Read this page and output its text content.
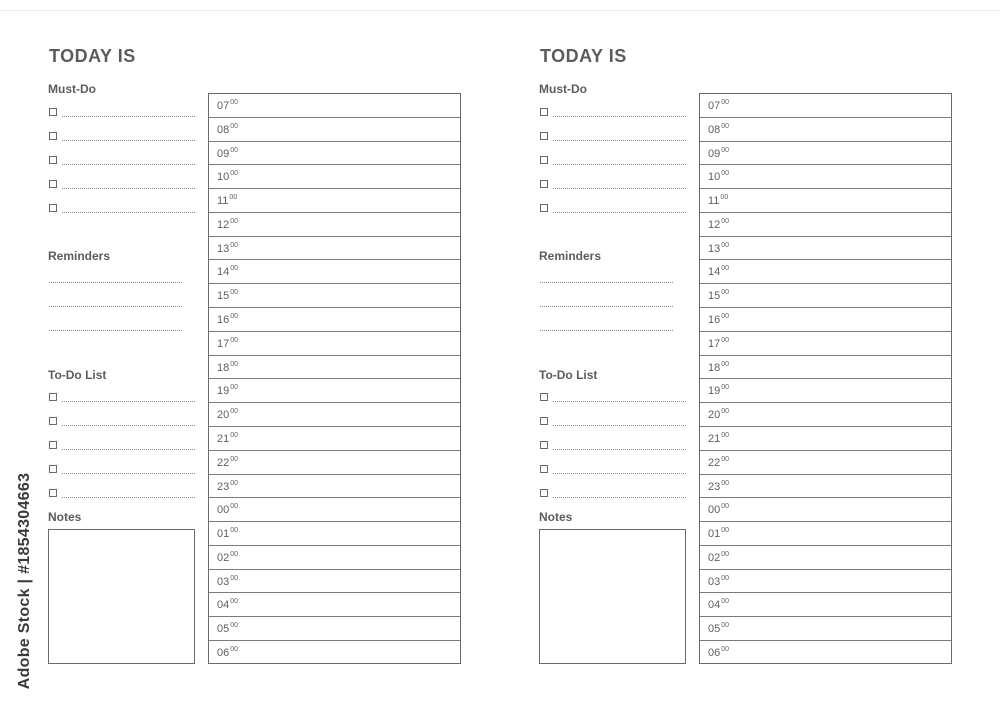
Adobe Stock | #1854304663
TODAY IS
Must-Do
Reminders
To-Do List
Notes
$07^{00}$
$08^{00}$
$09^{00}$
$10^{00}$
$11^{00}$
$12^{00}$
$13^{00}$
$14^{00}$
$15^{00}$
$16^{00}$
$17^{00}$
$18^{00}$
$19^{00}$
$20^{00}$
$21^{00}$
$22^{00}$
$23^{00}$
$00^{00}$
$01^{00}$
$02^{00}$
$03^{00}$
$04^{00}$
$05^{00}$
$06^{00}$
TODAY IS
Must-Do
Reminders
To-Do List
Notes
$07^{00}$
$08^{00}$
$09^{00}$
$10^{00}$
$11^{00}$
$12^{00}$
$13^{00}$
$14^{00}$
$15^{00}$
$16^{00}$
$17^{00}$
$18^{00}$
$19^{00}$
$20^{00}$
$21^{00}$
$22^{00}$
$23^{00}$
$00^{00}$
$01^{00}$
$02^{00}$
$03^{00}$
$04^{00}$
$05^{00}$
$06^{00}$
